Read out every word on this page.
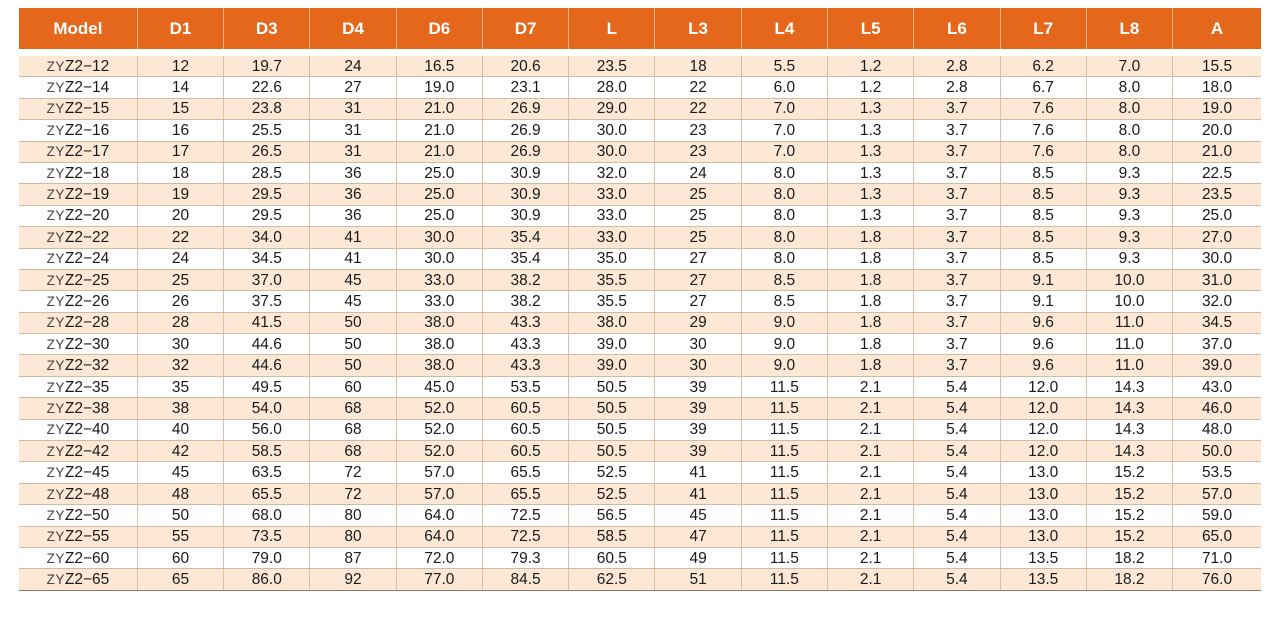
Model	D1	D3	D4	D6	D7	L	L3	L4	L5	L6	L7	L8	A

ZYZ2−12	12	19.7	24	16.5	20.6	23.5	18	5.5	1.2	2.8	6.2	7.0	15.5
ZYZ2−14	14	22.6	27	19.0	23.1	28.0	22	6.0	1.2	2.8	6.7	8.0	18.0
ZYZ2−15	15	23.8	31	21.0	26.9	29.0	22	7.0	1.3	3.7	7.6	8.0	19.0
ZYZ2−16	16	25.5	31	21.0	26.9	30.0	23	7.0	1.3	3.7	7.6	8.0	20.0
ZYZ2−17	17	26.5	31	21.0	26.9	30.0	23	7.0	1.3	3.7	7.6	8.0	21.0
ZYZ2−18	18	28.5	36	25.0	30.9	32.0	24	8.0	1.3	3.7	8.5	9.3	22.5
ZYZ2−19	19	29.5	36	25.0	30.9	33.0	25	8.0	1.3	3.7	8.5	9.3	23.5
ZYZ2−20	20	29.5	36	25.0	30.9	33.0	25	8.0	1.3	3.7	8.5	9.3	25.0
ZYZ2−22	22	34.0	41	30.0	35.4	33.0	25	8.0	1.8	3.7	8.5	9.3	27.0
ZYZ2−24	24	34.5	41	30.0	35.4	35.0	27	8.0	1.8	3.7	8.5	9.3	30.0
ZYZ2−25	25	37.0	45	33.0	38.2	35.5	27	8.5	1.8	3.7	9.1	10.0	31.0
ZYZ2−26	26	37.5	45	33.0	38.2	35.5	27	8.5	1.8	3.7	9.1	10.0	32.0
ZYZ2−28	28	41.5	50	38.0	43.3	38.0	29	9.0	1.8	3.7	9.6	11.0	34.5
ZYZ2−30	30	44.6	50	38.0	43.3	39.0	30	9.0	1.8	3.7	9.6	11.0	37.0
ZYZ2−32	32	44.6	50	38.0	43.3	39.0	30	9.0	1.8	3.7	9.6	11.0	39.0
ZYZ2−35	35	49.5	60	45.0	53.5	50.5	39	11.5	2.1	5.4	12.0	14.3	43.0
ZYZ2−38	38	54.0	68	52.0	60.5	50.5	39	11.5	2.1	5.4	12.0	14.3	46.0
ZYZ2−40	40	56.0	68	52.0	60.5	50.5	39	11.5	2.1	5.4	12.0	14.3	48.0
ZYZ2−42	42	58.5	68	52.0	60.5	50.5	39	11.5	2.1	5.4	12.0	14.3	50.0
ZYZ2−45	45	63.5	72	57.0	65.5	52.5	41	11.5	2.1	5.4	13.0	15.2	53.5
ZYZ2−48	48	65.5	72	57.0	65.5	52.5	41	11.5	2.1	5.4	13.0	15.2	57.0
ZYZ2−50	50	68.0	80	64.0	72.5	56.5	45	11.5	2.1	5.4	13.0	15.2	59.0
ZYZ2−55	55	73.5	80	64.0	72.5	58.5	47	11.5	2.1	5.4	13.0	15.2	65.0
ZYZ2−60	60	79.0	87	72.0	79.3	60.5	49	11.5	2.1	5.4	13.5	18.2	71.0
ZYZ2−65	65	86.0	92	77.0	84.5	62.5	51	11.5	2.1	5.4	13.5	18.2	76.0
